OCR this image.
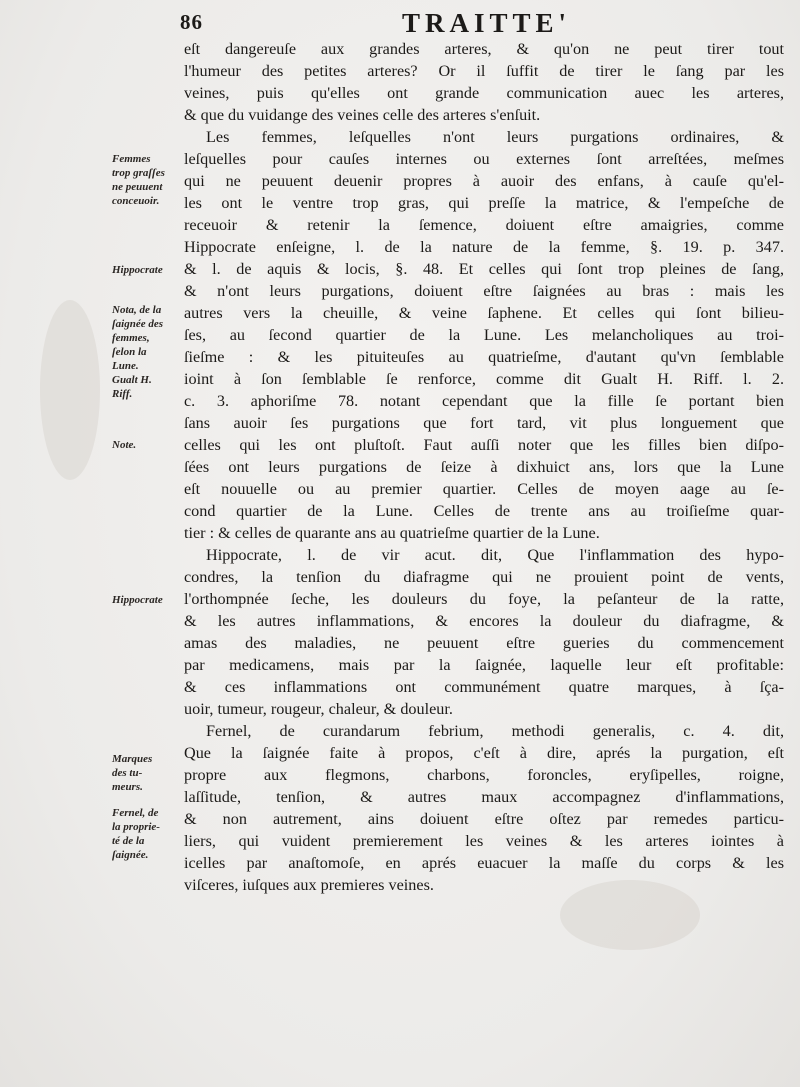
86	TRAITTE'
Femmes
trop graſſes
ne peuuent
conceuoir.
Hippocrate
Nota, de la
ſaignée des
femmes,
ſelon la
Lune.
Gualt H.
Riff.
Note.
Hippocrate
Marques
des tu-
meurs.
Fernel, de
la proprie-
té de la
ſaignée.
eſt dangereuſe aux grandes arteres, & qu'on ne peut tirer tout
l'humeur des petites arteres? Or il ſuffit de tirer le ſang par les
veines, puis qu'elles ont grande communication auec les arteres,
& que du vuidange des veines celle des arteres s'enſuit.
Les femmes, leſquelles n'ont leurs purgations ordinaires, &
leſquelles pour cauſes internes ou externes ſont arreſtées, meſmes
qui ne peuuent deuenir propres à auoir des enfans, à cauſe qu'el-
les ont le ventre trop gras, qui preſſe la matrice, & l'empeſche de
receuoir & retenir la ſemence, doiuent eſtre amaigries, comme
Hippocrate enſeigne, l. de la nature de la femme, §. 19. p. 347.
& l. de aquis & locis, §. 48. Et celles qui ſont trop pleines de ſang,
& n'ont leurs purgations, doiuent eſtre ſaignées au bras : mais les
autres vers la cheuille, & veine ſaphene. Et celles qui ſont bilieu-
ſes, au ſecond quartier de la Lune. Les melancholiques au troi-
ſieſme : & les pituiteuſes au quatrieſme, d'autant qu'vn ſemblable
ioint à ſon ſemblable ſe renforce, comme dit Gualt H. Riff. l. 2.
c. 3. aphoriſme 78. notant cependant que la fille ſe portant bien
ſans auoir ſes purgations que fort tard, vit plus longuement que
celles qui les ont pluſtoſt. Faut auſſi noter que les filles bien diſpo-
ſées ont leurs purgations de ſeize à dixhuict ans, lors que la Lune
eſt nouuelle ou au premier quartier. Celles de moyen aage au ſe-
cond quartier de la Lune. Celles de trente ans au troiſieſme quar-
tier : & celles de quarante ans au quatrieſme quartier de la Lune.
Hippocrate, l. de vir acut. dit, Que l'inflammation des hypo-
condres, la tenſion du diafragme qui ne prouient point de vents,
l'orthompnée ſeche, les douleurs du foye, la peſanteur de la ratte,
& les autres inflammations, & encores la douleur du diafragme, &
amas des maladies, ne peuuent eſtre gueries du commencement
par medicamens, mais par la ſaignée, laquelle leur eſt profitable:
& ces inflammations ont communément quatre marques, à ſça-
uoir, tumeur, rougeur, chaleur, & douleur.
Fernel, de curandarum febrium, methodi generalis, c. 4. dit,
Que la ſaignée faite à propos, c'eſt à dire, aprés la purgation, eſt
propre aux flegmons, charbons, foroncles, eryſipelles, roigne,
laſſitude, tenſion, & autres maux accompagnez d'inflammations,
& non autrement, ains doiuent eſtre oſtez par remedes particu-
liers, qui vuident premierement les veines & les arteres iointes à
icelles par anaſtomoſe, en aprés euacuer la maſſe du corps & les
viſceres, iuſques aux premieres veines.
